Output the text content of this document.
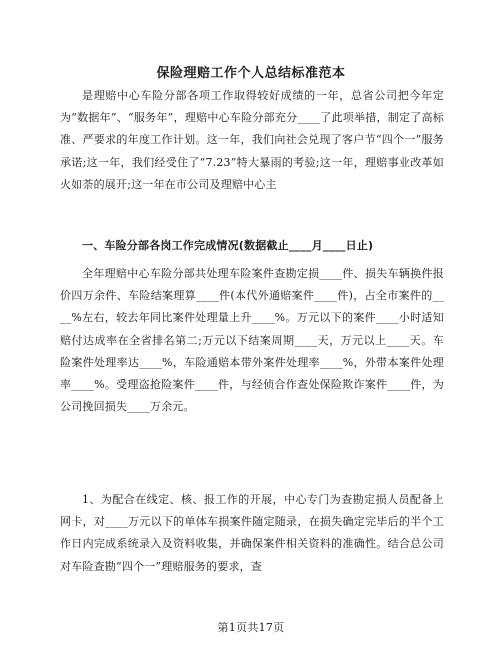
保险理赔工作个人总结标准范本
是理赔中心车险分部各项工作取得较好成绩的一年，总省公司把今年定为“数据年”、“服务年”，理赔中心车险分部充分____了此项举措，制定了高标准、严要求的年度工作计划。这一年，我们向社会兑现了客户节“四个一”服务承诺;这一年，我们经受住了“7.23”特大暴雨的考验;这一年，理赔事业改革如火如荼的展开;这一年在市公司及理赔中心主
一、车险分部各岗工作完成情况(数据截止____月____日止)
全年理赔中心车险分部共处理车险案件查勘定损____件、损失车辆换件报价四万余件、车险结案理算____件(本代外通赔案件____件)，占全市案件的____%左右，较去年同比案件处理量上升____%。万元以下的案件____小时适知赔付达成率在全省排名第二;万元以下结案周期____天，万元以上____天。车险案件处理率达____%，车险通赔本带外案件处理率____%，外带本案件处理率____%。受理盗抢险案件____件，与经侦合作查处保险欺诈案件____件，为公司挽回损失____万余元。
1、为配合在线定、核、报工作的开展，中心专门为查勘定损人员配备上网卡，对____万元以下的单体车损案件随定随录，在损失确定完毕后的半个工作日内完成系统录入及资料收集，并确保案件相关资料的准确性。结合总公司对车险查勘“四个一”理赔服务的要求，查
第1页共17页
